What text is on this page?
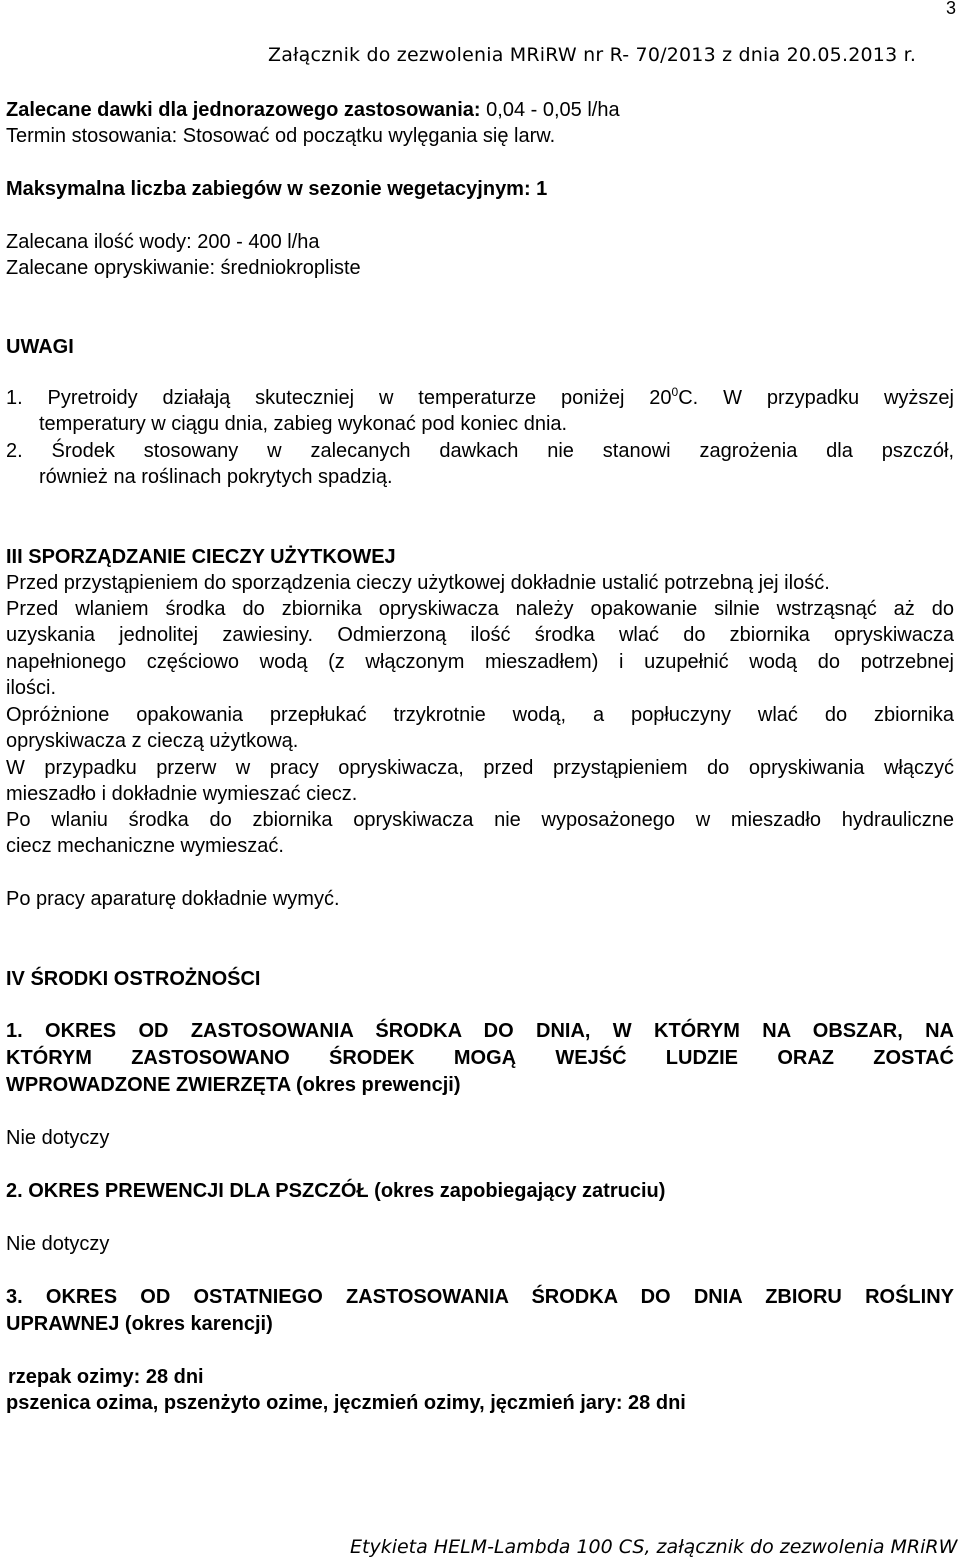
3
Załącznik do zezwolenia MRiRW nr R- 70/2013 z dnia 20.05.2013 r.
Zalecane dawki dla jednorazowego zastosowania: 0,04 - 0,05 l/ha
Termin stosowania: Stosować od początku wylęgania się larw.
Maksymalna liczba zabiegów w sezonie wegetacyjnym: 1
Zalecana ilość wody: 200 - 400 l/ha
Zalecane opryskiwanie: średniokropliste
UWAGI
1. Pyretroidy działają skuteczniej w temperaturze poniżej $20^0C$. W przypadku wyższej
temperatury w ciągu dnia, zabieg wykonać pod koniec dnia.
2. Środek stosowany w zalecanych dawkach nie stanowi zagrożenia dla pszczół,
również na roślinach pokrytych spadzią.
III SPORZĄDZANIE CIECZY UŻYTKOWEJ
Przed przystąpieniem do sporządzenia cieczy użytkowej dokładnie ustalić potrzebną jej ilość.
Przed wlaniem środka do zbiornika opryskiwacza należy opakowanie silnie wstrząsnąć aż do
uzyskania jednolitej zawiesiny. Odmierzoną ilość środka wlać do zbiornika opryskiwacza
napełnionego częściowo wodą (z włączonym mieszadłem) i uzupełnić wodą do potrzebnej
ilości.
Opróżnione opakowania przepłukać trzykrotnie wodą, a popłuczyny wlać do zbiornika
opryskiwacza z cieczą użytkową.
W przypadku przerw w pracy opryskiwacza, przed przystąpieniem do opryskiwania włączyć
mieszadło i dokładnie wymieszać ciecz.
Po wlaniu środka do zbiornika opryskiwacza nie wyposażonego w mieszadło hydrauliczne
ciecz mechaniczne wymieszać.
Po pracy aparaturę dokładnie wymyć.
IV ŚRODKI OSTROŻNOŚCI
1. OKRES OD ZASTOSOWANIA ŚRODKA DO DNIA, W KTÓRYM NA OBSZAR, NA
KTÓRYM ZASTOSOWANO ŚRODEK MOGĄ WEJŚĆ LUDZIE ORAZ ZOSTAĆ
WPROWADZONE ZWIERZĘTA (okres prewencji)
Nie dotyczy
2. OKRES PREWENCJI DLA PSZCZÓŁ (okres zapobiegający zatruciu)
Nie dotyczy
3. OKRES OD OSTATNIEGO ZASTOSOWANIA ŚRODKA DO DNIA ZBIORU ROŚLINY
UPRAWNEJ (okres karencji)
rzepak ozimy: 28 dni
pszenica ozima, pszenżyto ozime, jęczmień ozimy, jęczmień jary: 28 dni
Etykieta HELM-Lambda 100 CS, załącznik do zezwolenia MRiRW
